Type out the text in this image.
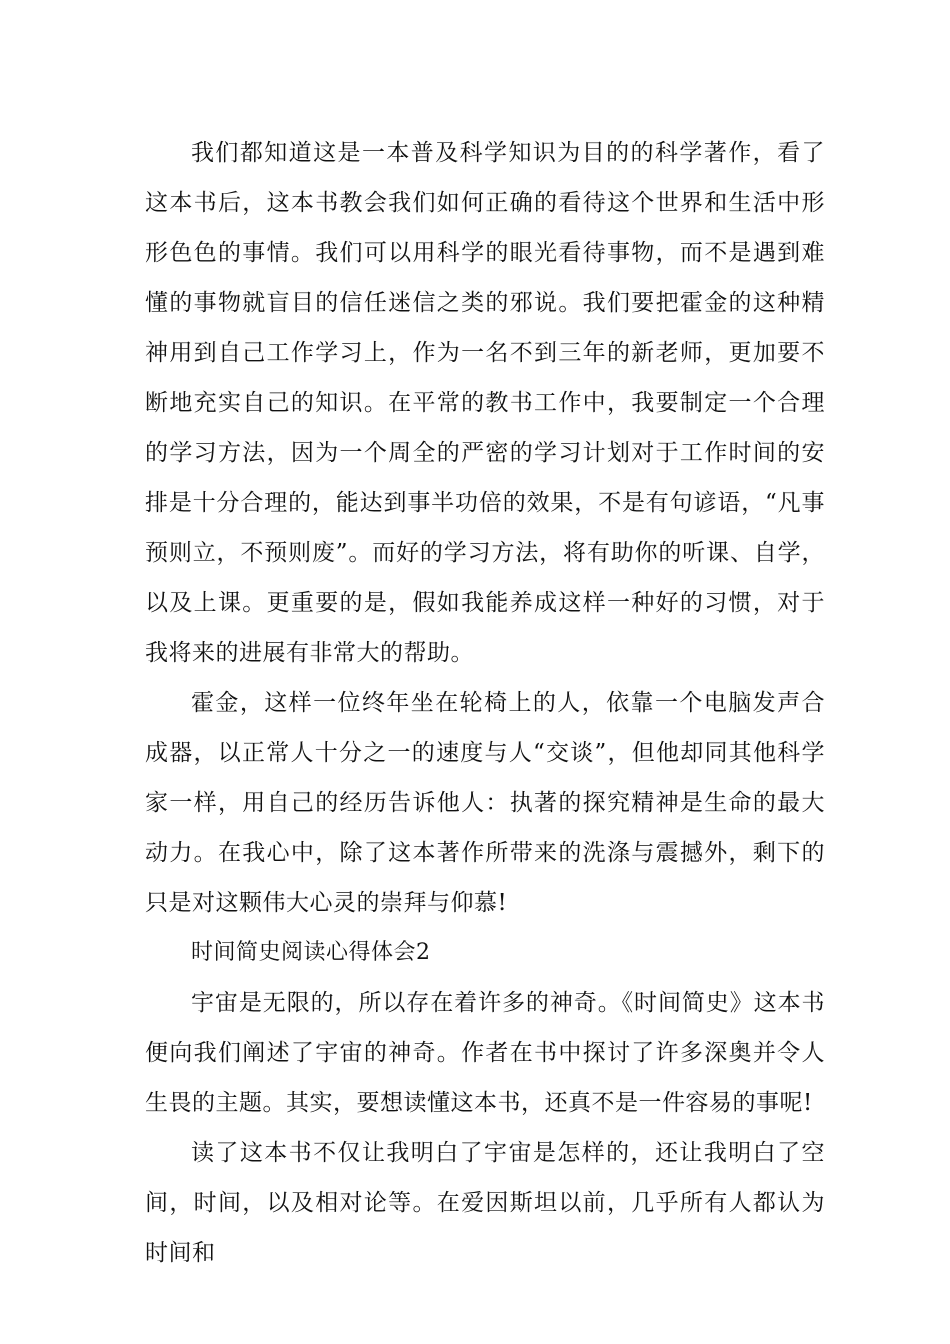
我们都知道这是一本普及科学知识为目的的科学著作，看了这本书后，这本书教会我们如何正确的看待这个世界和生活中形形色色的事情。我们可以用科学的眼光看待事物，而不是遇到难懂的事物就盲目的信任迷信之类的邪说。我们要把霍金的这种精神用到自己工作学习上，作为一名不到三年的新老师，更加要不断地充实自己的知识。在平常的教书工作中，我要制定一个合理的学习方法，因为一个周全的严密的学习计划对于工作时间的安排是十分合理的，能达到事半功倍的效果，不是有句谚语，“凡事预则立，不预则废”。而好的学习方法，将有助你的听课、自学，以及上课。更重要的是，假如我能养成这样一种好的习惯，对于我将来的进展有非常大的帮助。

霍金，这样一位终年坐在轮椅上的人，依靠一个电脑发声合成器，以正常人十分之一的速度与人“交谈”，但他却同其他科学家一样，用自己的经历告诉他人：执著的探究精神是生命的最大动力。在我心中，除了这本著作所带来的洗涤与震撼外，剩下的只是对这颗伟大心灵的崇拜与仰慕!

时间简史阅读心得体会2

宇宙是无限的，所以存在着许多的神奇。《时间简史》这本书便向我们阐述了宇宙的神奇。作者在书中探讨了许多深奥并令人生畏的主题。其实，要想读懂这本书，还真不是一件容易的事呢!

读了这本书不仅让我明白了宇宙是怎样的，还让我明白了空间，时间，以及相对论等。在爱因斯坦以前，几乎所有人都认为时间和
